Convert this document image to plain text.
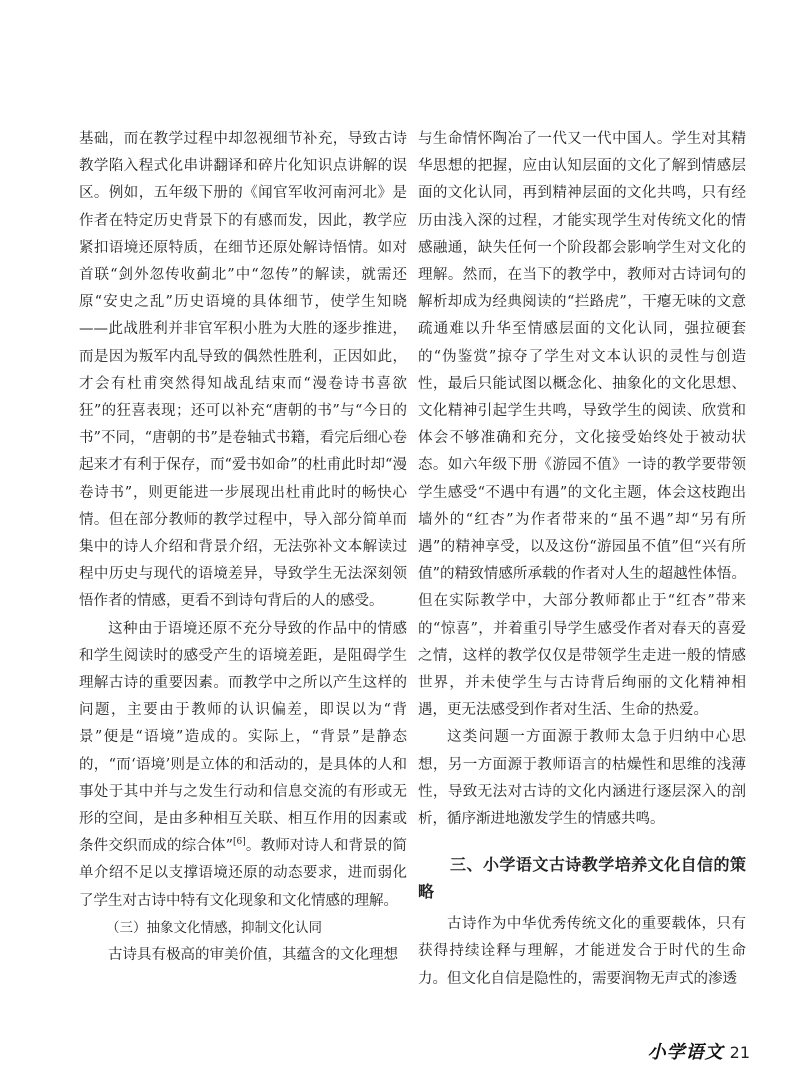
基础，而在教学过程中却忽视细节补充，导致古诗教学陷入程式化串讲翻译和碎片化知识点讲解的误区。例如，五年级下册的《闻官军收河南河北》是作者在特定历史背景下的有感而发，因此，教学应紧扣语境还原特质，在细节还原处解诗悟情。如对首联“剑外忽传收蓟北”中“忽传”的解读，就需还原“安史之乱”历史语境的具体细节，使学生知晓——此战胜利并非官军积小胜为大胜的逐步推进，而是因为叛军内乱导致的偶然性胜利，正因如此，才会有杜甫突然得知战乱结束而“漫卷诗书喜欲狂”的狂喜表现；还可以补充“唐朝的书”与“今日的书”不同，“唐朝的书”是卷轴式书籍，看完后细心卷起来才有利于保存，而“爱书如命”的杜甫此时却“漫卷诗书”，则更能进一步展现出杜甫此时的畅快心情。但在部分教师的教学过程中，导入部分简单而集中的诗人介绍和背景介绍，无法弥补文本解读过程中历史与现代的语境差异，导致学生无法深刻领悟作者的情感，更看不到诗句背后的人的感受。

这种由于语境还原不充分导致的作品中的情感和学生阅读时的感受产生的语境差距，是阻碍学生理解古诗的重要因素。而教学中之所以产生这样的问题，主要由于教师的认识偏差，即误以为“背景”便是“语境”造成的。实际上，“背景”是静态的，“而‘语境’则是立体的和活动的，是具体的人和事处于其中并与之发生行动和信息交流的有形或无形的空间，是由多种相互关联、相互作用的因素或条件交织而成的综合体”[6]。教师对诗人和背景的简单介绍不足以支撑语境还原的动态要求，进而弱化了学生对古诗中特有文化现象和文化情感的理解。

（三）抽象文化情感，抑制文化认同

古诗具有极高的审美价值，其蕴含的文化理想

与生命情怀陶冶了一代又一代中国人。学生对其精华思想的把握，应由认知层面的文化了解到情感层面的文化认同，再到精神层面的文化共鸣，只有经历由浅入深的过程，才能实现学生对传统文化的情感融通，缺失任何一个阶段都会影响学生对文化的理解。然而，在当下的教学中，教师对古诗词句的解析却成为经典阅读的“拦路虎”，干瘪无味的文意疏通难以升华至情感层面的文化认同，强拉硬套的“伪鉴赏”掠夺了学生对文本认识的灵性与创造性，最后只能试图以概念化、抽象化的文化思想、文化精神引起学生共鸣，导致学生的阅读、欣赏和体会不够准确和充分，文化接受始终处于被动状态。如六年级下册《游园不值》一诗的教学要带领学生感受“不遇中有遇”的文化主题，体会这枝跑出墙外的“红杏”为作者带来的“虽不遇”却“另有所遇”的精神享受，以及这份“游园虽不值”但“兴有所值”的精致情感所承载的作者对人生的超越性体悟。但在实际教学中，大部分教师都止于“红杏”带来的“惊喜”，并着重引导学生感受作者对春天的喜爱之情，这样的教学仅仅是带领学生走进一般的情感世界，并未使学生与古诗背后绚丽的文化精神相遇，更无法感受到作者对生活、生命的热爱。

这类问题一方面源于教师太急于归纳中心思想，另一方面源于教师语言的枯燥性和思维的浅薄性，导致无法对古诗的文化内涵进行逐层深入的剖析，循序渐进地激发学生的情感共鸣。

三、小学语文古诗教学培养文化自信的策略

古诗作为中华优秀传统文化的重要载体，只有获得持续诠释与理解，才能迸发合于时代的生命力。但文化自信是隐性的，需要润物无声式的渗透

小学语文 21
